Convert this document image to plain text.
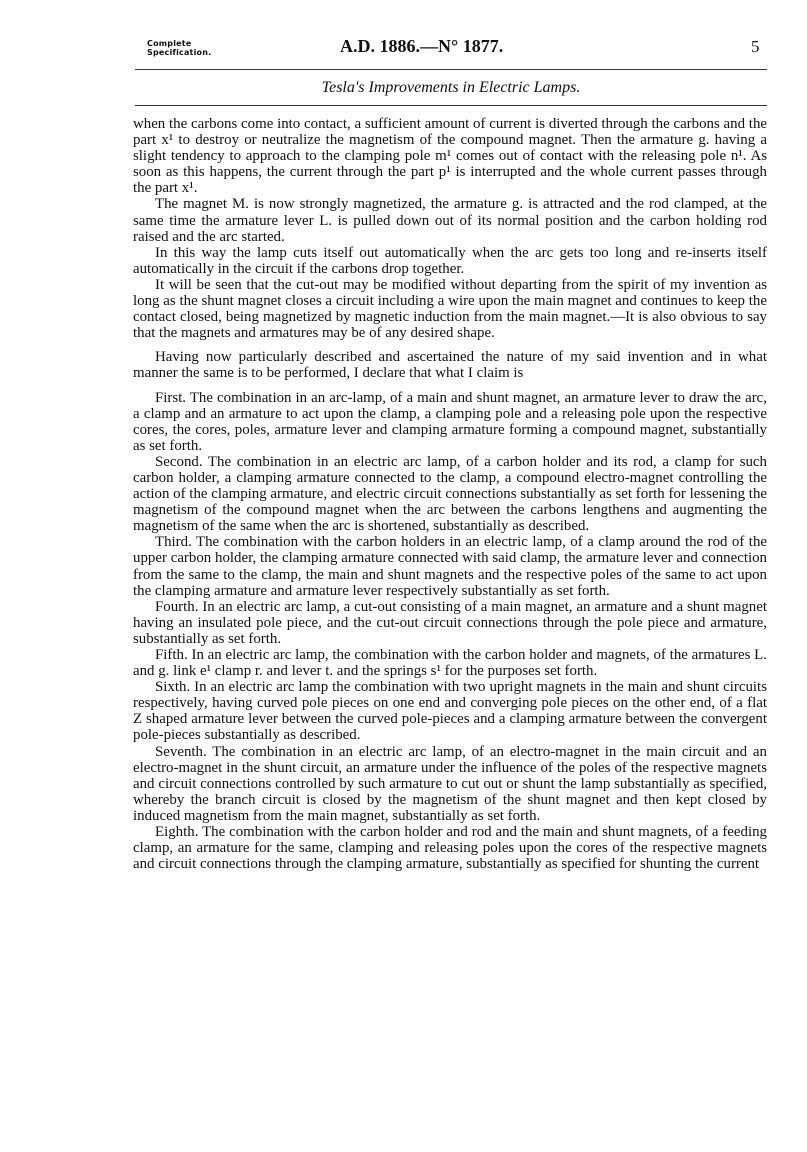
Complete
Specification.	A.D. 1886.—N° 1877.	5
Tesla's Improvements in Electric Lamps.

when the carbons come into contact, a sufficient amount of current is diverted through the carbons and the part x¹ to destroy or neutralize the magnetism of the compound magnet. Then the armature g. having a slight tendency to approach to the clamping pole m¹ comes out of contact with the releasing pole n¹. As soon as this happens, the current through the part p¹ is interrupted and the whole current passes through the part x¹.

The magnet M. is now strongly magnetized, the armature g. is attracted and the rod clamped, at the same time the armature lever L. is pulled down out of its normal position and the carbon holding rod raised and the arc started.

In this way the lamp cuts itself out automatically when the arc gets too long and re-inserts itself automatically in the circuit if the carbons drop together.

It will be seen that the cut-out may be modified without departing from the spirit of my invention as long as the shunt magnet closes a circuit including a wire upon the main magnet and continues to keep the contact closed, being magnetized by magnetic induction from the main magnet.—It is also obvious to say that the magnets and armatures may be of any desired shape.

Having now particularly described and ascertained the nature of my said invention and in what manner the same is to be performed, I declare that what I claim is

First. The combination in an arc-lamp, of a main and shunt magnet, an armature lever to draw the arc, a clamp and an armature to act upon the clamp, a clamping pole and a releasing pole upon the respective cores, the cores, poles, armature lever and clamping armature forming a compound magnet, substantially as set forth.

Second. The combination in an electric arc lamp, of a carbon holder and its rod, a clamp for such carbon holder, a clamping armature connected to the clamp, a compound electro-magnet controlling the action of the clamping armature, and electric circuit connections substantially as set forth for lessening the magnetism of the compound magnet when the arc between the carbons lengthens and augmenting the magnetism of the same when the arc is shortened, substantially as described.

Third. The combination with the carbon holders in an electric lamp, of a clamp around the rod of the upper carbon holder, the clamping armature connected with said clamp, the armature lever and connection from the same to the clamp, the main and shunt magnets and the respective poles of the same to act upon the clamping armature and armature lever respectively substantially as set forth.

Fourth. In an electric arc lamp, a cut-out consisting of a main magnet, an armature and a shunt magnet having an insulated pole piece, and the cut-out circuit connections through the pole piece and armature, substantially as set forth.

Fifth. In an electric arc lamp, the combination with the carbon holder and magnets, of the armatures L. and g. link e¹ clamp r. and lever t. and the springs s¹ for the purposes set forth.

Sixth. In an electric arc lamp the combination with two upright magnets in the main and shunt circuits respectively, having curved pole pieces on one end and converging pole pieces on the other end, of a flat Z shaped armature lever between the curved pole-pieces and a clamping armature between the convergent pole-pieces substantially as described.

Seventh. The combination in an electric arc lamp, of an electro-magnet in the main circuit and an electro-magnet in the shunt circuit, an armature under the influence of the poles of the respective magnets and circuit connections controlled by such armature to cut out or shunt the lamp substantially as specified, whereby the branch circuit is closed by the magnetism of the shunt magnet and then kept closed by induced magnetism from the main magnet, substantially as set forth.

Eighth. The combination with the carbon holder and rod and the main and shunt magnets, of a feeding clamp, an armature for the same, clamping and releasing poles upon the cores of the respective magnets and circuit connections through the clamping armature, substantially as specified for shunting the current
